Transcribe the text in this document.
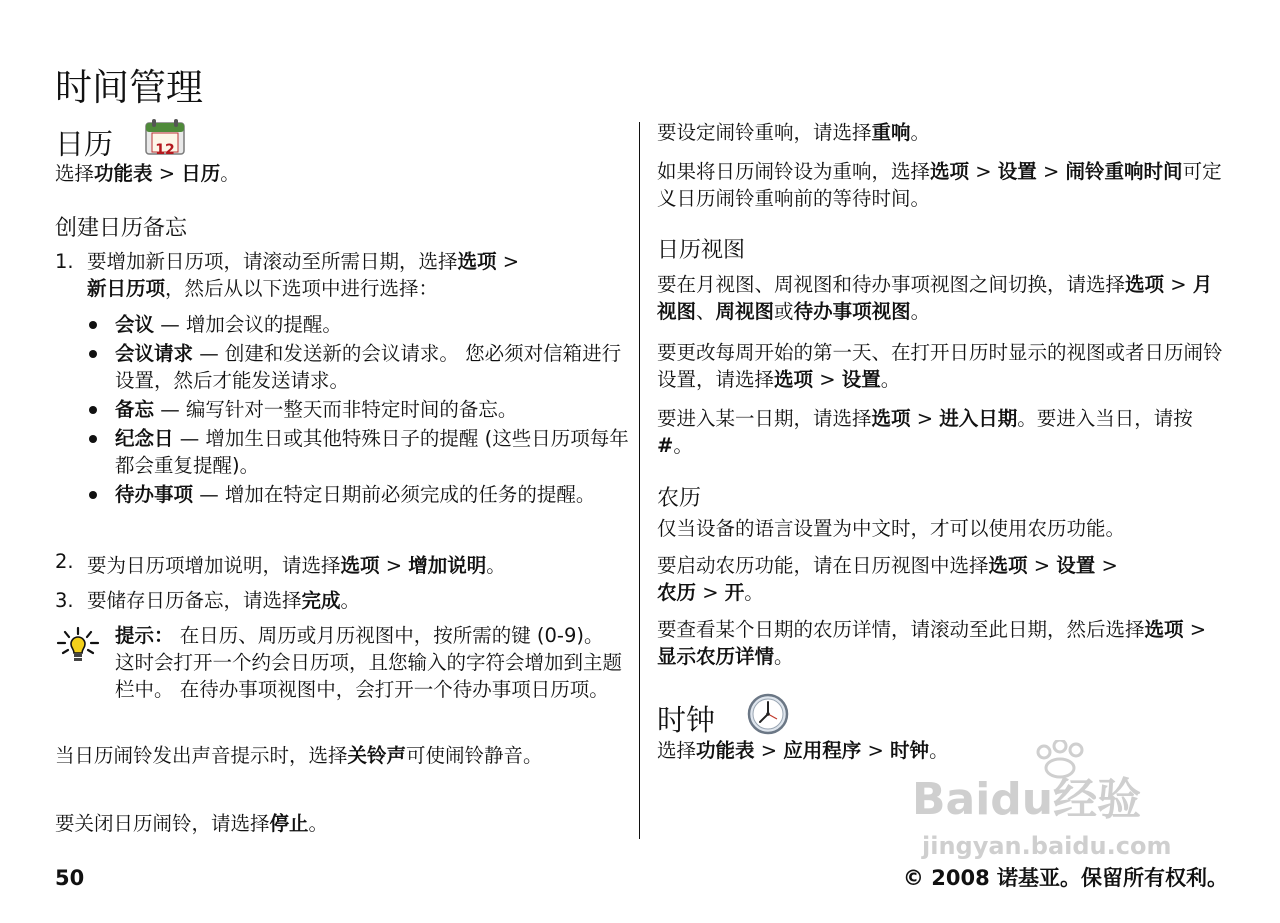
时间管理
日历	12
选择功能表 > 日历。
创建日历备忘
1. 要增加新日历项，请滚动至所需日期，选择选项 >
新日历项，然后从以下选项中进行选择：
会议 — 增加会议的提醒。
会议请求 — 创建和发送新的会议请求。 您必须对信箱进行设置，然后才能发送请求。
备忘 — 编写针对一整天而非特定时间的备忘。
纪念日 — 增加生日或其他特殊日子的提醒 (这些日历项每年都会重复提醒)。
待办事项 — 增加在特定日期前必须完成的任务的提醒。
2. 要为日历项增加说明，请选择选项 > 增加说明。
3. 要储存日历备忘，请选择完成。
提示： 在日历、周历或月历视图中，按所需的键 (0-9)。 这时会打开一个约会日历项，且您输入的字符会增加到主题栏中。 在待办事项视图中，会打开一个待办事项日历项。
当日历闹铃发出声音提示时，选择关铃声可使闹铃静音。
要关闭日历闹铃，请选择停止。
要设定闹铃重响，请选择重响。
如果将日历闹铃设为重响，选择选项 > 设置 > 闹铃重响时间可定义日历闹铃重响前的等待时间。
日历视图
要在月视图、周视图和待办事项视图之间切换，请选择选项 > 月视图、周视图或待办事项视图。
要更改每周开始的第一天、在打开日历时显示的视图或者日历闹铃设置，请选择选项 > 设置。
要进入某一日期，请选择选项 > 进入日期。要进入当日，请按 #。
农历
仅当设备的语言设置为中文时，才可以使用农历功能。
要启动农历功能，请在日历视图中选择选项 > 设置 >
农历 > 开。
要查看某个日期的农历详情，请滚动至此日期，然后选择选项 > 显示农历详情。
时钟
选择功能表 > 应用程序 > 时钟。
Baidu经验
jingyan.baidu.com
50	© 2008 诺基亚。保留所有权利。
